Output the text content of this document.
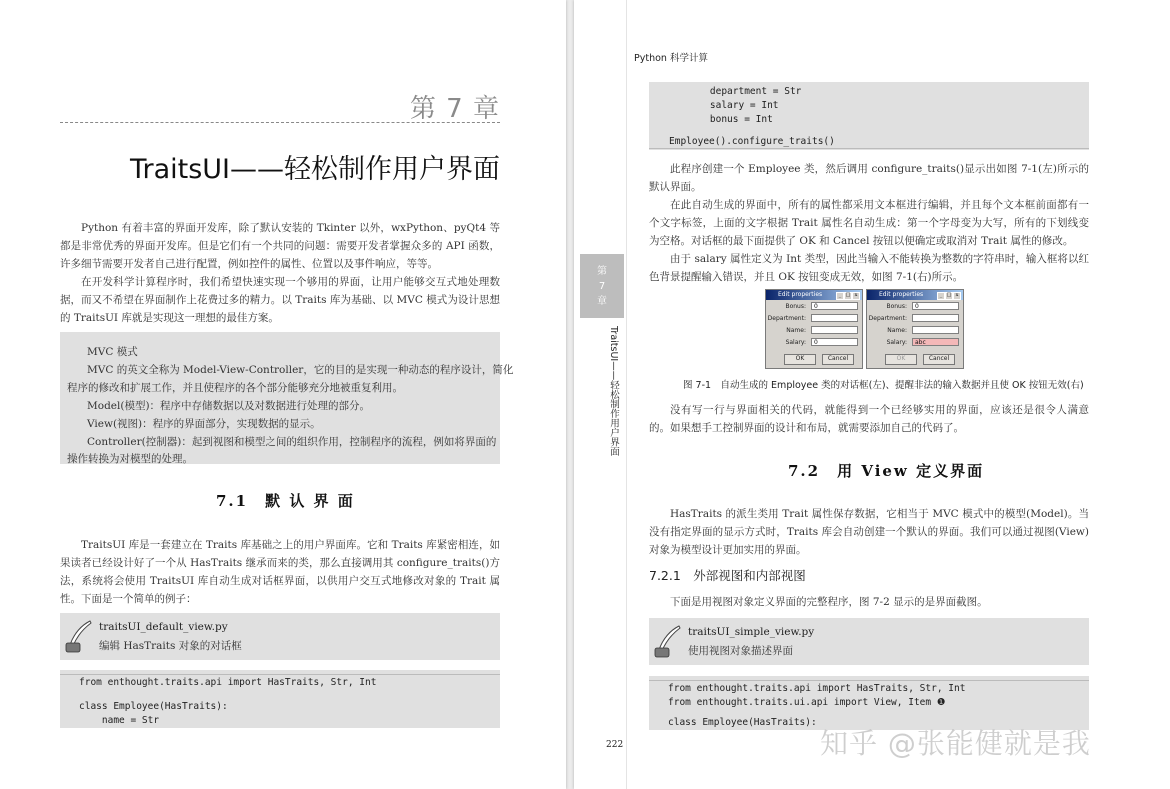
第 7 章
TraitsUI——轻松制作用户界面

Python 有着丰富的界面开发库，除了默认安装的 Tkinter 以外，wxPython、pyQt4 等都是非常优秀的界面开发库。但是它们有一个共同的问题：需要开发者掌握众多的 API 函数，许多细节需要开发者自己进行配置，例如控件的属性、位置以及事件响应，等等。

在开发科学计算程序时，我们希望快速实现一个够用的界面，让用户能够交互式地处理数据，而又不希望在界面制作上花费过多的精力。以 Traits 库为基础、以 MVC 模式为设计思想的 TraitsUI 库就是实现这一理想的最佳方案。

MVC 模式

MVC 的英文全称为 Model-View-Controller，它的目的是实现一种动态的程序设计，简化

程序的修改和扩展工作，并且使程序的各个部分能够充分地被重复利用。

Model(模型)：程序中存储数据以及对数据进行处理的部分。

View(视图)：程序的界面部分，实现数据的显示。

Controller(控制器)：起到视图和模型之间的组织作用，控制程序的流程，例如将界面的

操作转换为对模型的处理。

7.1　默 认 界 面

TraitsUI 库是一套建立在 Traits 库基础之上的用户界面库。它和 Traits 库紧密相连，如果读者已经设计好了一个从 HasTraits 继承而来的类，那么直接调用其 configure_traits()方法，系统将会使用 TraitsUI 库自动生成对话框界面，以供用户交互式地修改对象的 Trait 属性。下面是一个简单的例子：

traitsUI_default_view.py
编辑 HasTraits 对象的对话框

from enthought.traits.api import HasTraits, Str, Int

class Employee(HasTraits):

name = Str

Python 科学计算

department = Str

salary = Int

bonus = Int

Employee().configure_traits()

此程序创建一个 Employee 类，然后调用 configure_traits()显示出如图 7-1(左)所示的默认界面。

在此自动生成的界面中，所有的属性都采用文本框进行编辑，并且每个文本框前面都有一个文字标签，上面的文字根据 Trait 属性名自动生成：第一个字母变为大写，所有的下划线变为空格。对话框的最下面提供了 OK 和 Cancel 按钮以便确定或取消对 Trait 属性的修改。

由于 salary 属性定义为 Int 类型，因此当输入不能转换为整数的字符串时，输入框将以红色背景提醒输入错误，并且 OK 按钮变成无效，如图 7-1(右)所示。

图 7-1　自动生成的 Employee 类的对话框(左)、提醒非法的输入数据并且使 OK 按钮无效(右)

没有写一行与界面相关的代码，就能得到一个已经够实用的界面，应该还是很令人满意的。如果想手工控制界面的设计和布局，就需要添加自己的代码了。

7.2　用 View 定义界面

HasTraits 的派生类用 Trait 属性保存数据，它相当于 MVC 模式中的模型(Model)。当没有指定界面的显示方式时，Traits 库会自动创建一个默认的界面。我们可以通过视图(View)对象为模型设计更加实用的界面。

7.2.1　外部视图和内部视图

下面是用视图对象定义界面的完整程序，图 7-2 显示的是界面截图。

traitsUI_simple_view.py
使用视图对象描述界面

from enthought.traits.api import HasTraits, Str, Int

from enthought.traits.ui.api import View, Item ❶

class Employee(HasTraits):

第
7
章
TraitsUI——轻松制作用户界面
222
Edit properties	_ □ x
Bonus:	0
Department:
Name:
Salary:	0
OK	Cancel
Edit properties	_ □ x
Bonus:	0
Department:
Name:
Salary:	abc
OK	Cancel
知乎 @张能健就是我
